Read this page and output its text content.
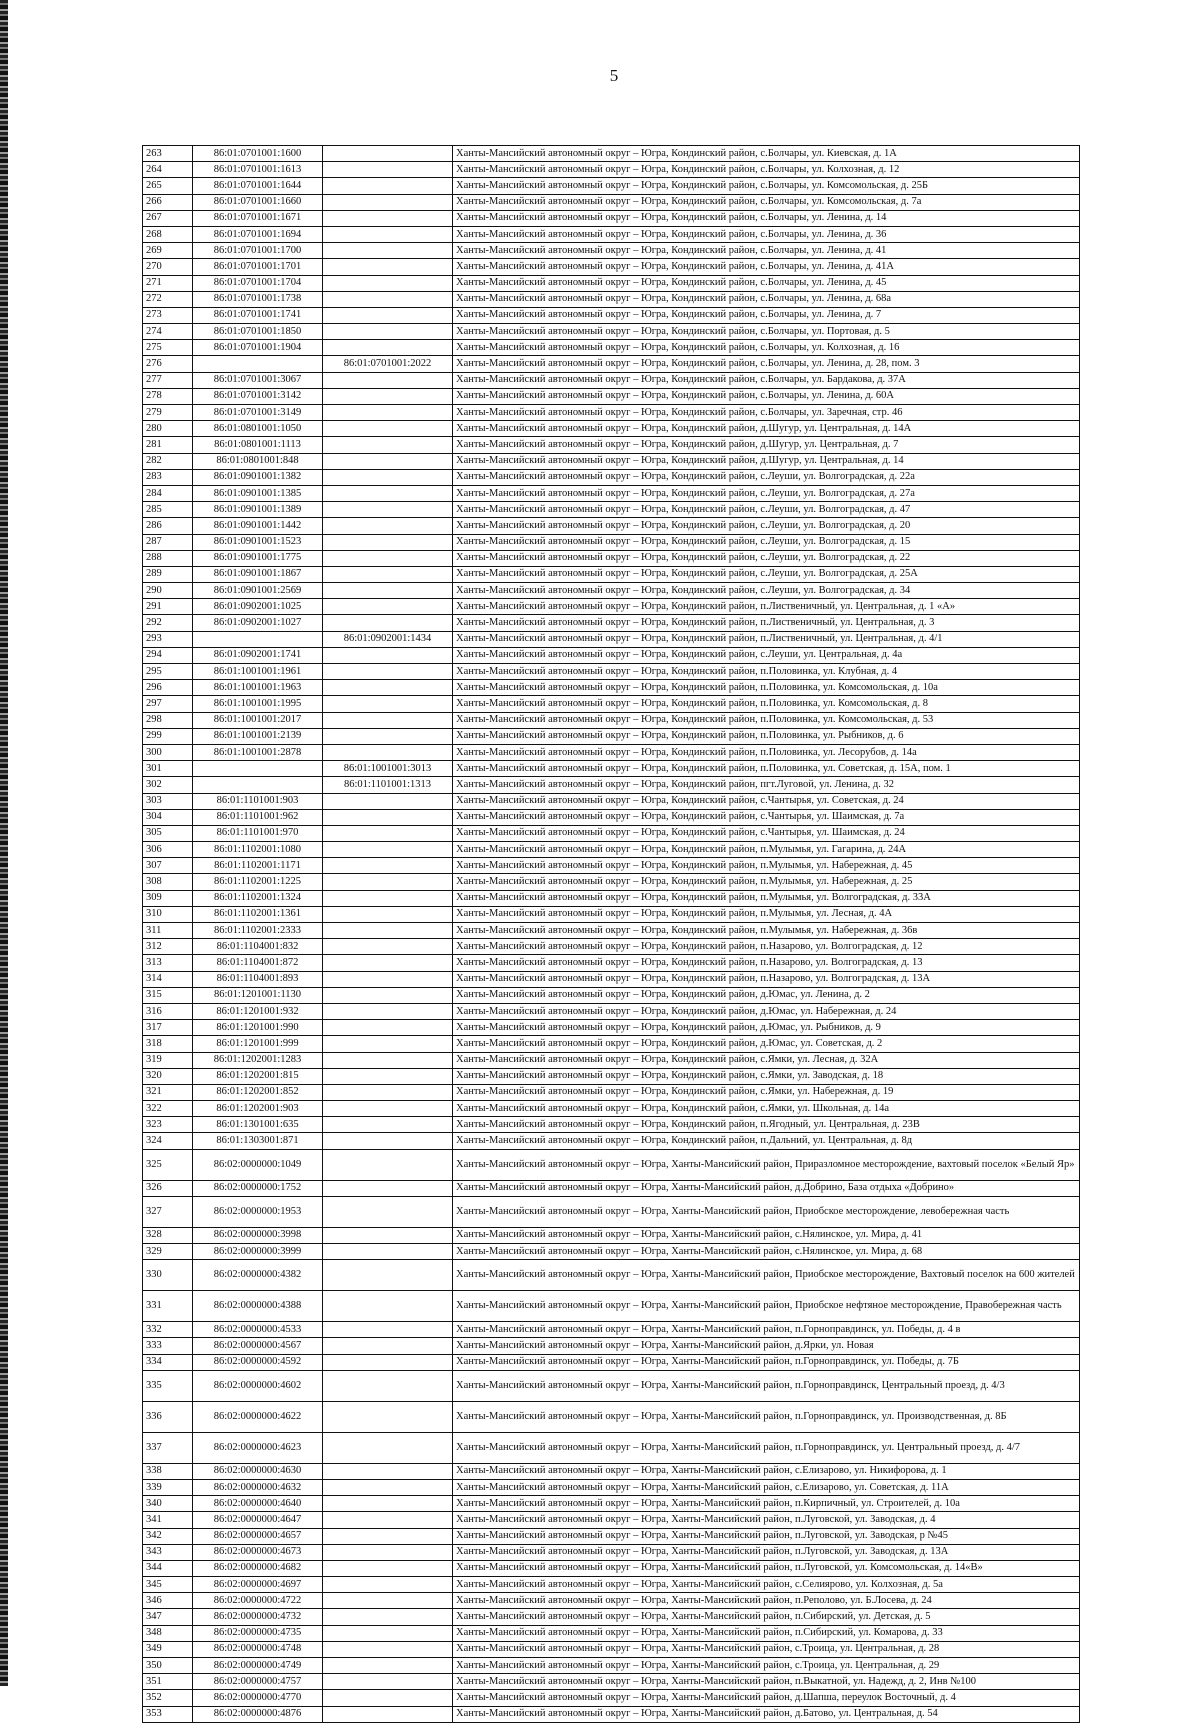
5
263	86:01:0701001:1600		Ханты-Мансийский автономный округ – Югра, Кондинский район, с.Болчары, ул. Киевская, д. 1А
264	86:01:0701001:1613		Ханты-Мансийский автономный округ – Югра, Кондинский район, с.Болчары, ул. Колхозная, д. 12
265	86:01:0701001:1644		Ханты-Мансийский автономный округ – Югра, Кондинский район, с.Болчары, ул. Комсомольская, д. 25Б
266	86:01:0701001:1660		Ханты-Мансийский автономный округ – Югра, Кондинский район, с.Болчары, ул. Комсомольская, д. 7а
267	86:01:0701001:1671		Ханты-Мансийский автономный округ – Югра, Кондинский район, с.Болчары, ул. Ленина, д. 14
268	86:01:0701001:1694		Ханты-Мансийский автономный округ – Югра, Кондинский район, с.Болчары, ул. Ленина, д. 36
269	86:01:0701001:1700		Ханты-Мансийский автономный округ – Югра, Кондинский район, с.Болчары, ул. Ленина, д. 41
270	86:01:0701001:1701		Ханты-Мансийский автономный округ – Югра, Кондинский район, с.Болчары, ул. Ленина, д. 41А
271	86:01:0701001:1704		Ханты-Мансийский автономный округ – Югра, Кондинский район, с.Болчары, ул. Ленина, д. 45
272	86:01:0701001:1738		Ханты-Мансийский автономный округ – Югра, Кондинский район, с.Болчары, ул. Ленина, д. 68а
273	86:01:0701001:1741		Ханты-Мансийский автономный округ – Югра, Кондинский район, с.Болчары, ул. Ленина, д. 7
274	86:01:0701001:1850		Ханты-Мансийский автономный округ – Югра, Кондинский район, с.Болчары, ул. Портовая, д. 5
275	86:01:0701001:1904		Ханты-Мансийский автономный округ – Югра, Кондинский район, с.Болчары, ул. Колхозная, д. 16
276		86:01:0701001:2022	Ханты-Мансийский автономный округ – Югра, Кондинский район, с.Болчары, ул. Ленина, д. 28, пом. 3
277	86:01:0701001:3067		Ханты-Мансийский автономный округ – Югра, Кондинский район, с.Болчары, ул. Бардакова, д. 37А
278	86:01:0701001:3142		Ханты-Мансийский автономный округ – Югра, Кондинский район, с.Болчары, ул. Ленина, д. 60А
279	86:01:0701001:3149		Ханты-Мансийский автономный округ – Югра, Кондинский район, с.Болчары, ул. Заречная, стр. 46
280	86:01:0801001:1050		Ханты-Мансийский автономный округ – Югра, Кондинский район, д.Шугур, ул. Центральная, д. 14А
281	86:01:0801001:1113		Ханты-Мансийский автономный округ – Югра, Кондинский район, д.Шугур, ул. Центральная, д. 7
282	86:01:0801001:848		Ханты-Мансийский автономный округ – Югра, Кондинский район, д.Шугур, ул. Центральная, д. 14
283	86:01:0901001:1382		Ханты-Мансийский автономный округ – Югра, Кондинский район, с.Леуши, ул. Волгоградская, д. 22а
284	86:01:0901001:1385		Ханты-Мансийский автономный округ – Югра, Кондинский район, с.Леуши, ул. Волгоградская, д. 27а
285	86:01:0901001:1389		Ханты-Мансийский автономный округ – Югра, Кондинский район, с.Леуши, ул. Волгоградская, д. 47
286	86:01:0901001:1442		Ханты-Мансийский автономный округ – Югра, Кондинский район, с.Леуши, ул. Волгоградская, д. 20
287	86:01:0901001:1523		Ханты-Мансийский автономный округ – Югра, Кондинский район, с.Леуши, ул. Волгоградская, д. 15
288	86:01:0901001:1775		Ханты-Мансийский автономный округ – Югра, Кондинский район, с.Леуши, ул. Волгоградская, д. 22
289	86:01:0901001:1867		Ханты-Мансийский автономный округ – Югра, Кондинский район, с.Леуши, ул. Волгоградская, д. 25А
290	86:01:0901001:2569		Ханты-Мансийский автономный округ – Югра, Кондинский район, с.Леуши, ул. Волгоградская, д. 34
291	86:01:0902001:1025		Ханты-Мансийский автономный округ – Югра, Кондинский район, п.Лиственичный, ул. Центральная, д. 1 «А»
292	86:01:0902001:1027		Ханты-Мансийский автономный округ – Югра, Кондинский район, п.Лиственичный, ул. Центральная, д. 3
293		86:01:0902001:1434	Ханты-Мансийский автономный округ – Югра, Кондинский район, п.Лиственичный, ул. Центральная, д. 4/1
294	86:01:0902001:1741		Ханты-Мансийский автономный округ – Югра, Кондинский район, с.Леуши, ул. Центральная, д. 4а
295	86:01:1001001:1961		Ханты-Мансийский автономный округ – Югра, Кондинский район, п.Половинка, ул. Клубная, д. 4
296	86:01:1001001:1963		Ханты-Мансийский автономный округ – Югра, Кондинский район, п.Половинка, ул. Комсомольская, д. 10а
297	86:01:1001001:1995		Ханты-Мансийский автономный округ – Югра, Кондинский район, п.Половинка, ул. Комсомольская, д. 8
298	86:01:1001001:2017		Ханты-Мансийский автономный округ – Югра, Кондинский район, п.Половинка, ул. Комсомольская, д. 53
299	86:01:1001001:2139		Ханты-Мансийский автономный округ – Югра, Кондинский район, п.Половинка, ул. Рыбников, д. 6
300	86:01:1001001:2878		Ханты-Мансийский автономный округ – Югра, Кондинский район, п.Половинка, ул. Лесорубов, д. 14а
301		86:01:1001001:3013	Ханты-Мансийский автономный округ – Югра, Кондинский район, п.Половинка, ул. Советская, д. 15А, пом. 1
302		86:01:1101001:1313	Ханты-Мансийский автономный округ – Югра, Кондинский район, пгт.Луговой, ул. Ленина, д. 32
303	86:01:1101001:903		Ханты-Мансийский автономный округ – Югра, Кондинский район, с.Чантырья, ул. Советская, д. 24
304	86:01:1101001:962		Ханты-Мансийский автономный округ – Югра, Кондинский район, с.Чантырья, ул. Шаимская, д. 7а
305	86:01:1101001:970		Ханты-Мансийский автономный округ – Югра, Кондинский район, с.Чантырья, ул. Шаимская, д. 24
306	86:01:1102001:1080		Ханты-Мансийский автономный округ – Югра, Кондинский район, п.Мулымья, ул. Гагарина, д. 24А
307	86:01:1102001:1171		Ханты-Мансийский автономный округ – Югра, Кондинский район, п.Мулымья, ул. Набережная, д. 45
308	86:01:1102001:1225		Ханты-Мансийский автономный округ – Югра, Кондинский район, п.Мулымья, ул. Набережная, д. 25
309	86:01:1102001:1324		Ханты-Мансийский автономный округ – Югра, Кондинский район, п.Мулымья, ул. Волгоградская, д. 33А
310	86:01:1102001:1361		Ханты-Мансийский автономный округ – Югра, Кондинский район, п.Мулымья, ул. Лесная, д. 4А
311	86:01:1102001:2333		Ханты-Мансийский автономный округ – Югра, Кондинский район, п.Мулымья, ул. Набережная, д. 36в
312	86:01:1104001:832		Ханты-Мансийский автономный округ – Югра, Кондинский район, п.Назарово, ул. Волгоградская, д. 12
313	86:01:1104001:872		Ханты-Мансийский автономный округ – Югра, Кондинский район, п.Назарово, ул. Волгоградская, д. 13
314	86:01:1104001:893		Ханты-Мансийский автономный округ – Югра, Кондинский район, п.Назарово, ул. Волгоградская, д. 13А
315	86:01:1201001:1130		Ханты-Мансийский автономный округ – Югра, Кондинский район, д.Юмас, ул. Ленина, д. 2
316	86:01:1201001:932		Ханты-Мансийский автономный округ – Югра, Кондинский район, д.Юмас, ул. Набережная, д. 24
317	86:01:1201001:990		Ханты-Мансийский автономный округ – Югра, Кондинский район, д.Юмас, ул. Рыбников, д. 9
318	86:01:1201001:999		Ханты-Мансийский автономный округ – Югра, Кондинский район, д.Юмас, ул. Советская, д. 2
319	86:01:1202001:1283		Ханты-Мансийский автономный округ – Югра, Кондинский район, с.Ямки, ул. Лесная, д. 32А
320	86:01:1202001:815		Ханты-Мансийский автономный округ – Югра, Кондинский район, с.Ямки, ул. Заводская, д. 18
321	86:01:1202001:852		Ханты-Мансийский автономный округ – Югра, Кондинский район, с.Ямки, ул. Набережная, д. 19
322	86:01:1202001:903		Ханты-Мансийский автономный округ – Югра, Кондинский район, с.Ямки, ул. Школьная, д. 14а
323	86:01:1301001:635		Ханты-Мансийский автономный округ – Югра, Кондинский район, п.Ягодный, ул. Центральная, д. 23В
324	86:01:1303001:871		Ханты-Мансийский автономный округ – Югра, Кондинский район, п.Дальний, ул. Центральная, д. 8д
325	86:02:0000000:1049		Ханты-Мансийский автономный округ – Югра, Ханты-Мансийский район, Приразломное месторождение, вахтовый поселок «Белый Яр»
326	86:02:0000000:1752		Ханты-Мансийский автономный округ – Югра, Ханты-Мансийский район, д.Добрино, База отдыха «Добрино»
327	86:02:0000000:1953		Ханты-Мансийский автономный округ – Югра, Ханты-Мансийский район, Приобское месторождение, левобережная часть
328	86:02:0000000:3998		Ханты-Мансийский автономный округ – Югра, Ханты-Мансийский район, с.Нялинское, ул. Мира, д. 41
329	86:02:0000000:3999		Ханты-Мансийский автономный округ – Югра, Ханты-Мансийский район, с.Нялинское, ул. Мира, д. 68
330	86:02:0000000:4382		Ханты-Мансийский автономный округ – Югра, Ханты-Мансийский район, Приобское месторождение, Вахтовый поселок на 600 жителей
331	86:02:0000000:4388		Ханты-Мансийский автономный округ – Югра, Ханты-Мансийский район, Приобское нефтяное месторождение, Правобережная часть
332	86:02:0000000:4533		Ханты-Мансийский автономный округ – Югра, Ханты-Мансийский район, п.Горноправдинск, ул. Победы, д. 4 в
333	86:02:0000000:4567		Ханты-Мансийский автономный округ – Югра, Ханты-Мансийский район, д.Ярки, ул. Новая
334	86:02:0000000:4592		Ханты-Мансийский автономный округ – Югра, Ханты-Мансийский район, п.Горноправдинск, ул. Победы, д. 7Б
335	86:02:0000000:4602		Ханты-Мансийский автономный округ – Югра, Ханты-Мансийский район, п.Горноправдинск, Центральный проезд, д. 4/3
336	86:02:0000000:4622		Ханты-Мансийский автономный округ – Югра, Ханты-Мансийский район, п.Горноправдинск, ул. Производственная, д. 8Б
337	86:02:0000000:4623		Ханты-Мансийский автономный округ – Югра, Ханты-Мансийский район, п.Горноправдинск, ул. Центральный проезд, д. 4/7
338	86:02:0000000:4630		Ханты-Мансийский автономный округ – Югра, Ханты-Мансийский район, с.Елизарово, ул. Никифорова, д. 1
339	86:02:0000000:4632		Ханты-Мансийский автономный округ – Югра, Ханты-Мансийский район, с.Елизарово, ул. Советская, д. 11А
340	86:02:0000000:4640		Ханты-Мансийский автономный округ – Югра, Ханты-Мансийский район, п.Кирпичный, ул. Строителей, д. 10а
341	86:02:0000000:4647		Ханты-Мансийский автономный округ – Югра, Ханты-Мансийский район, п.Луговской, ул. Заводская, д. 4
342	86:02:0000000:4657		Ханты-Мансийский автономный округ – Югра, Ханты-Мансийский район, п.Луговской, ул. Заводская, р №45
343	86:02:0000000:4673		Ханты-Мансийский автономный округ – Югра, Ханты-Мансийский район, п.Луговской, ул. Заводская, д. 13А
344	86:02:0000000:4682		Ханты-Мансийский автономный округ – Югра, Ханты-Мансийский район, п.Луговской, ул. Комсомольская, д. 14«В»
345	86:02:0000000:4697		Ханты-Мансийский автономный округ – Югра, Ханты-Мансийский район, с.Селиярово, ул. Колхозная, д. 5а
346	86:02:0000000:4722		Ханты-Мансийский автономный округ – Югра, Ханты-Мансийский район, п.Реполово, ул. Б.Лосева, д. 24
347	86:02:0000000:4732		Ханты-Мансийский автономный округ – Югра, Ханты-Мансийский район, п.Сибирский, ул. Детская, д. 5
348	86:02:0000000:4735		Ханты-Мансийский автономный округ – Югра, Ханты-Мансийский район, п.Сибирский, ул. Комарова, д. 33
349	86:02:0000000:4748		Ханты-Мансийский автономный округ – Югра, Ханты-Мансийский район, с.Троица, ул. Центральная, д. 28
350	86:02:0000000:4749		Ханты-Мансийский автономный округ – Югра, Ханты-Мансийский район, с.Троица, ул. Центральная, д. 29
351	86:02:0000000:4757		Ханты-Мансийский автономный округ – Югра, Ханты-Мансийский район, п.Выкатной, ул. Надежд, д. 2, Инв №100
352	86:02:0000000:4770		Ханты-Мансийский автономный округ – Югра, Ханты-Мансийский район, д.Шапша, переулок Восточный, д. 4
353	86:02:0000000:4876		Ханты-Мансийский автономный округ – Югра, Ханты-Мансийский район, д.Батово, ул. Центральная, д. 54
